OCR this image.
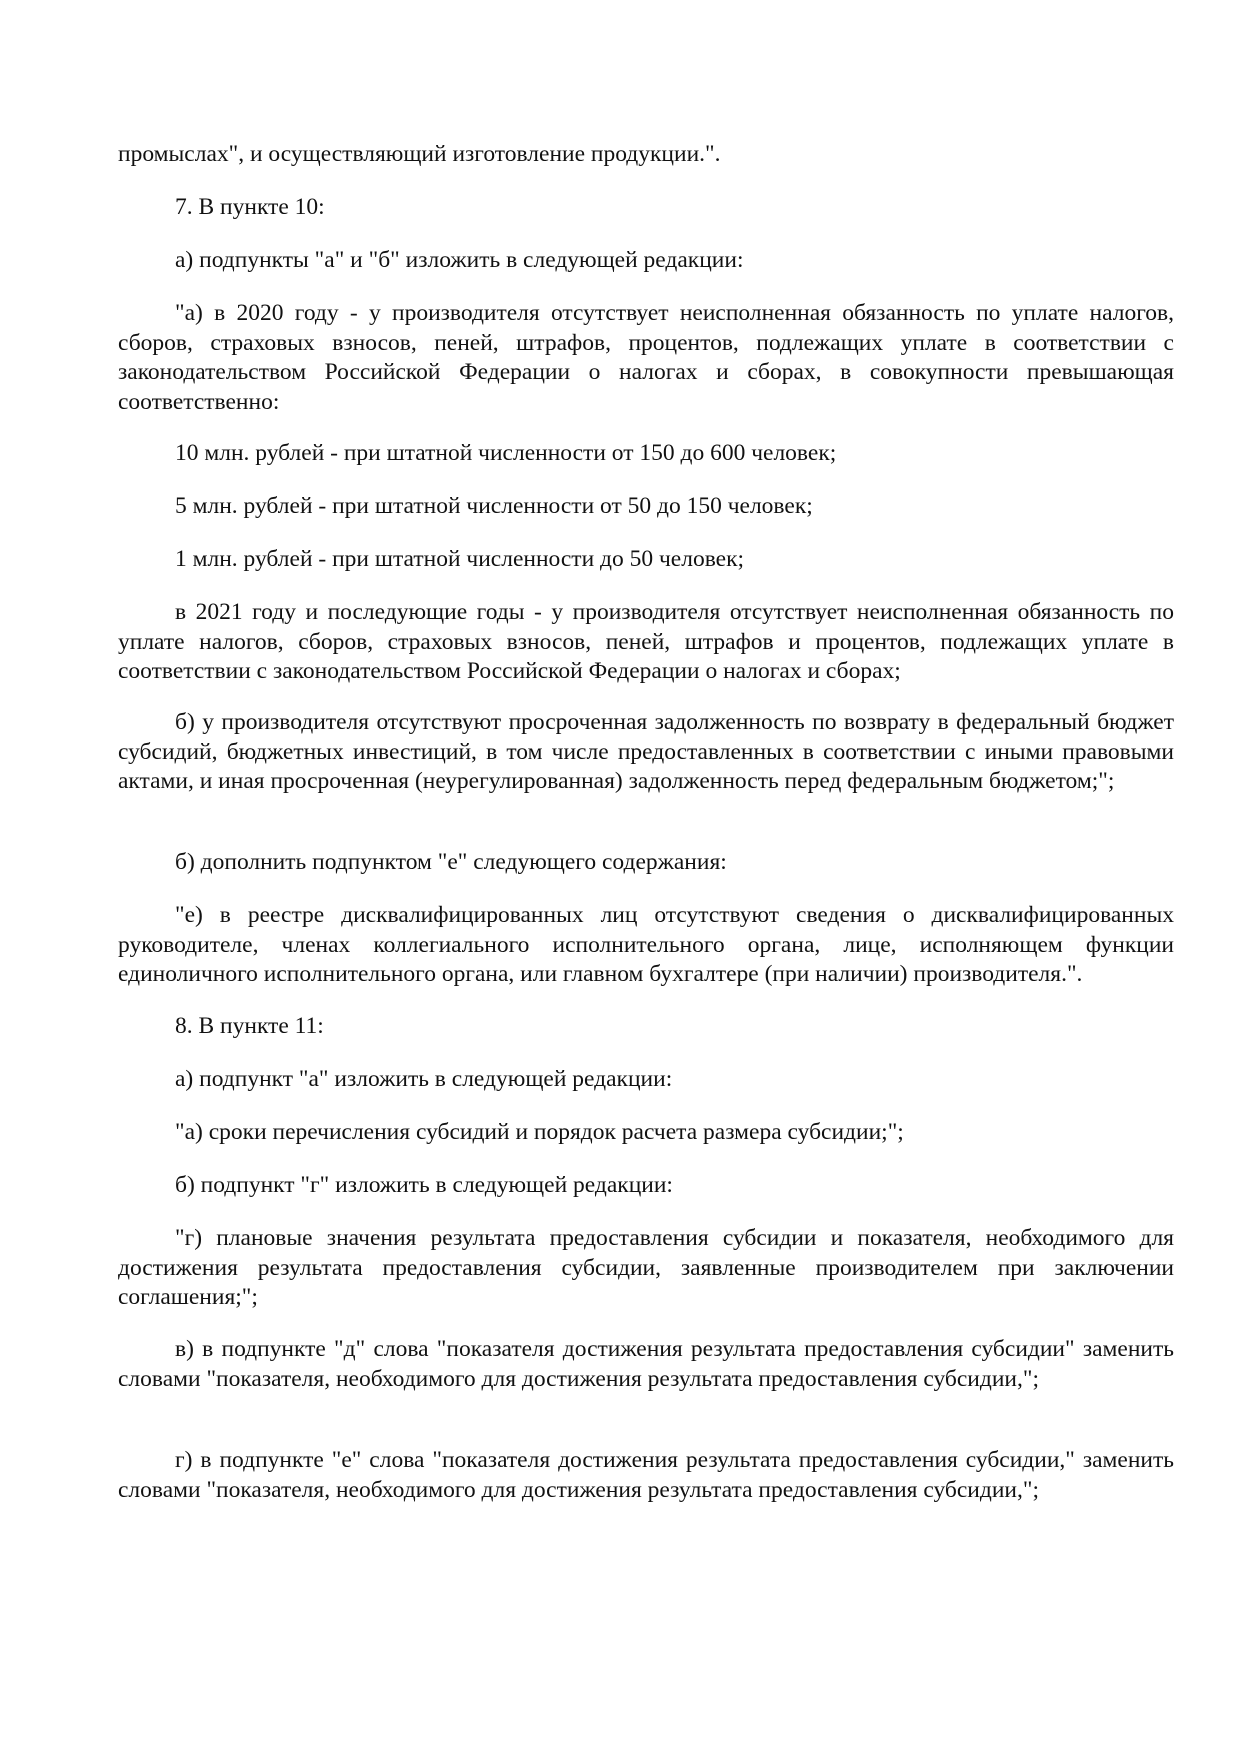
промыслах", и осуществляющий изготовление продукции.".

7. В пункте 10:

а) подпункты "а" и "б" изложить в следующей редакции:

"а) в 2020 году - у производителя отсутствует неисполненная обязанность по уплате налогов, сборов, страховых взносов, пеней, штрафов, процентов, подлежащих уплате в соответствии с законодательством Российской Федерации о налогах и сборах, в совокупности превышающая соответственно:

10 млн. рублей - при штатной численности от 150 до 600 человек;

5 млн. рублей - при штатной численности от 50 до 150 человек;

1 млн. рублей - при штатной численности до 50 человек;

в 2021 году и последующие годы - у производителя отсутствует неисполненная обязанность по уплате налогов, сборов, страховых взносов, пеней, штрафов и процентов, подлежащих уплате в соответствии с законодательством Российской Федерации о налогах и сборах;

б) у производителя отсутствуют просроченная задолженность по возврату в федеральный бюджет субсидий, бюджетных инвестиций, в том числе предоставленных в соответствии с иными правовыми актами, и иная просроченная (неурегулированная) задолженность перед федеральным бюджетом;";

б) дополнить подпунктом "е" следующего содержания:

"е) в реестре дисквалифицированных лиц отсутствуют сведения о дисквалифицированных руководителе, членах коллегиального исполнительного органа, лице, исполняющем функции единоличного исполнительного органа, или главном бухгалтере (при наличии) производителя.".

8. В пункте 11:

а) подпункт "а" изложить в следующей редакции:

"а) сроки перечисления субсидий и порядок расчета размера субсидии;";

б) подпункт "г" изложить в следующей редакции:

"г) плановые значения результата предоставления субсидии и показателя, необходимого для достижения результата предоставления субсидии, заявленные производителем при заключении соглашения;";

в) в подпункте "д" слова "показателя достижения результата предоставления субсидии" заменить словами "показателя, необходимого для достижения результата предоставления субсидии,";

г) в подпункте "е" слова "показателя достижения результата предоставления субсидии," заменить словами "показателя, необходимого для достижения результата предоставления субсидии,";
